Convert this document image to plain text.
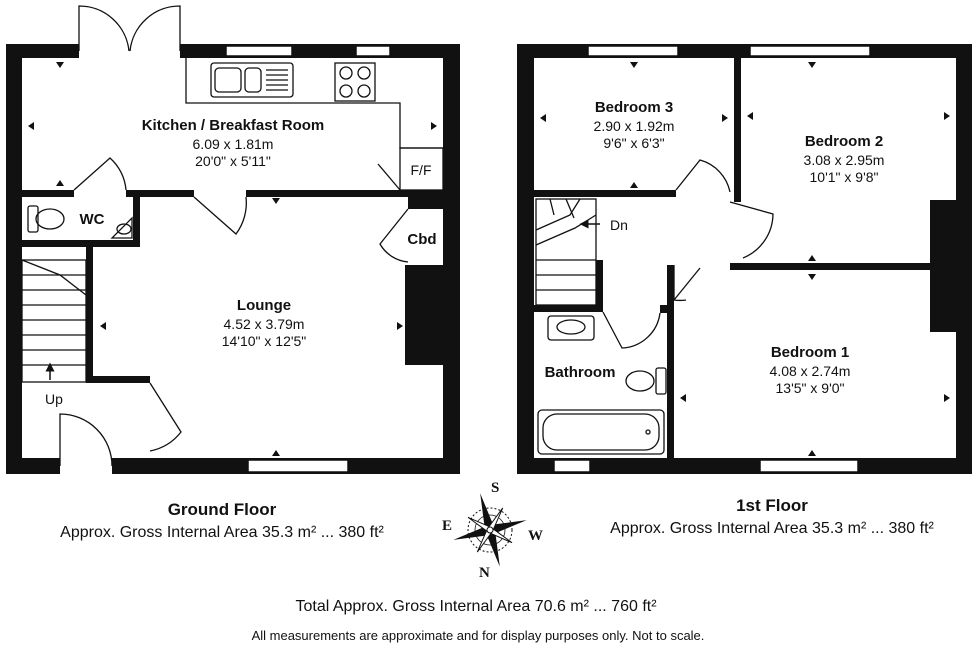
Kitchen / Breakfast Room
6.09 x 1.81m
20'0" x 5'11"
Lounge
4.52 x 3.79m
14'10" x 12'5"
WC
F/F
Cbd
Up
Bedroom 3
2.90 x 1.92m
9'6" x 6'3"	Bedroom 2
3.08 x 2.95m
10'1" x 9'8"
Bedroom 1
4.08 x 2.74m
13'5" x 9'0"
Bathroom
Dn
Ground Floor
Approx. Gross Internal Area 35.3 m² ... 380 ft²
1st Floor
Approx. Gross Internal Area 35.3 m² ... 380 ft²
S
E
W
N
Total Approx. Gross Internal Area 70.6 m² ... 760 ft²
All measurements are approximate and for display purposes only. Not to scale.
